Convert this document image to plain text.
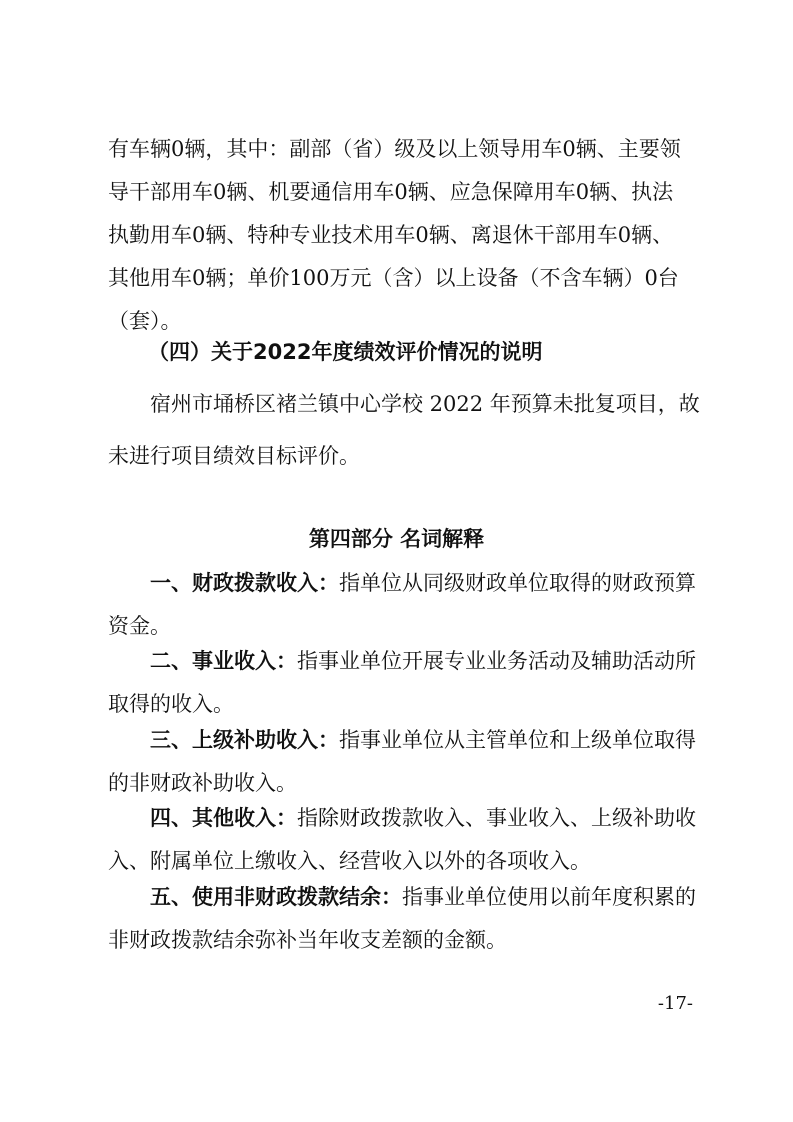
有车辆0辆，其中：副部（省）级及以上领导用车0辆、主要领
导干部用车0辆、机要通信用车0辆、应急保障用车0辆、执法
执勤用车0辆、特种专业技术用车0辆、离退休干部用车0辆、
其他用车0辆；单价100万元（含）以上设备（不含车辆）0台
（套）。

（四）关于2022年度绩效评价情况的说明

宿州市埇桥区褚兰镇中心学校 2022 年预算未批复项目，故
未进行项目绩效目标评价。

第四部分 名词解释

一、财政拨款收入：指单位从同级财政单位取得的财政预算
资金。
二、事业收入：指事业单位开展专业业务活动及辅助活动所
取得的收入。
三、上级补助收入：指事业单位从主管单位和上级单位取得
的非财政补助收入。
四、其他收入：指除财政拨款收入、事业收入、上级补助收
入、附属单位上缴收入、经营收入以外的各项收入。
五、使用非财政拨款结余：指事业单位使用以前年度积累的
非财政拨款结余弥补当年收支差额的金额。
-17-
